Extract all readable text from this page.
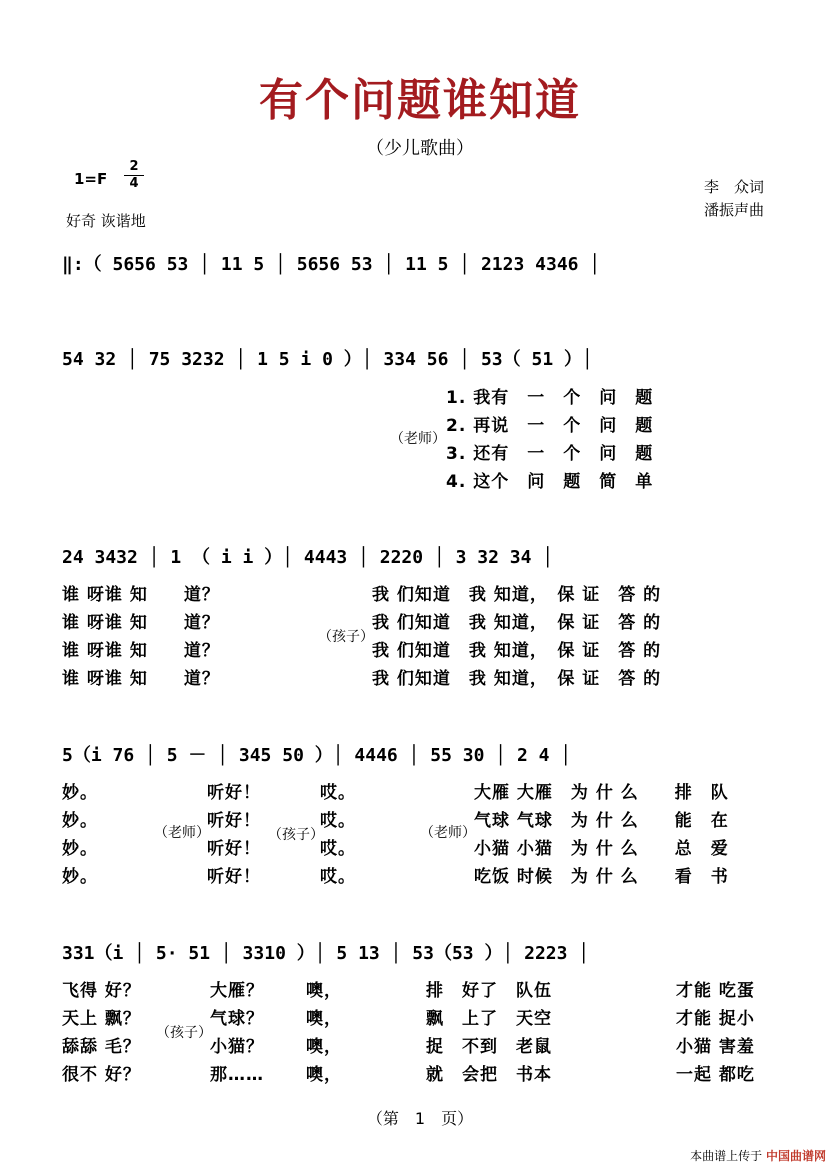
有个问题谁知道
（少儿歌曲）
1=F
2
4
好奇 诙谐地
李　众词
潘振声曲
‖:（ 5656 53 │ 11 5 │ 5656 53 │ 11 5 │ 2123 4346 │
54 32 │ 75 3232 │ 1 5 i 0 ）│ 334 56 │ 53（ 51 ）│
（老师）
1. 我有　一　个　问　题
2. 再说　一　个　问　题
3. 还有　一　个　问　题
4. 这个　问　题　简　单
24 3432 │ 1 （ i i ）│ 4443 │ 2220 │ 3 32 34 │
谁 呀谁 知　　道？
谁 呀谁 知　　道？
谁 呀谁 知　　道？
谁 呀谁 知　　道？
（孩子）
我 们知道　我 知道，　保 证　答 的
我 们知道　我 知道，　保 证　答 的
我 们知道　我 知道，　保 证　答 的
我 们知道　我 知道，　保 证　答 的
5（i 76 │ 5 － │ 345 50 ）│ 4446 │ 55 30 │ 2 4 │
妙。
妙。
妙。
妙。
（老师）
听好！
听好！
听好！
听好！
（孩子）
哎。
哎。
哎。
哎。
（老师）
大雁 大雁　为 什 么　　排　队
气球 气球　为 什 么　　能　在
小猫 小猫　为 什 么　　总　爱
吃饭 时候　为 什 么　　看　书
331（i │ 5· 51 │ 3310 ）│ 5 13 │ 53（53 ）│ 2223 │
飞得 好？
天上 飘？
舔舔 毛？
很不 好？
（孩子）
大雁？
气球？
小猫？
那……
噢，
噢，
噢，
噢，
排　好了　队伍
飘　上了　天空
捉　不到　老鼠
就　会把　书本
才能 吃蛋
才能 捉小
小猫 害羞
一起 都吃
（第　1　页）
本曲谱上传于 中国曲谱网
